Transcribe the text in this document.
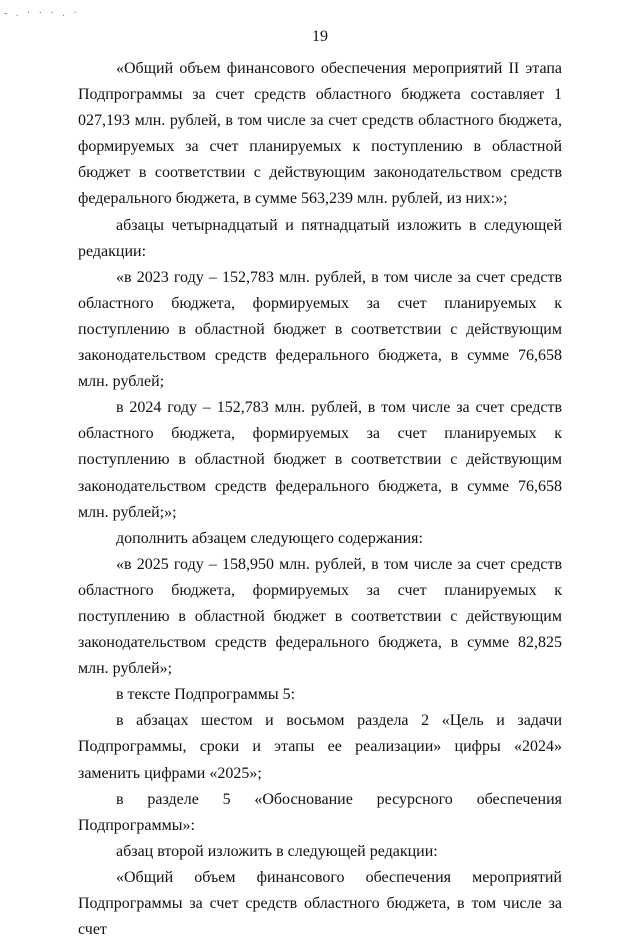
‑ . · · · . ·
19

«Общий объем финансового обеспечения мероприятий II этапа Подпрограммы за счет средств областного бюджета составляет 1 027,193 млн. рублей, в том числе за счет средств областного бюджета, формируемых за счет планируемых к поступлению в областной бюджет в соответствии с действующим законодательством средств федерального бюджета, в сумме 563,239 млн. рублей, из них:»;

абзацы четырнадцатый и пятнадцатый изложить в следующей редакции:

«в 2023 году – 152,783 млн. рублей, в том числе за счет средств областного бюджета, формируемых за счет планируемых к поступлению в областной бюджет в соответствии с действующим законодательством средств федерального бюджета, в сумме 76,658 млн. рублей;

в 2024 году – 152,783 млн. рублей, в том числе за счет средств областного бюджета, формируемых за счет планируемых к поступлению в областной бюджет в соответствии с действующим законодательством средств федерального бюджета, в сумме 76,658 млн. рублей;»;

дополнить абзацем следующего содержания:

«в 2025 году – 158,950 млн. рублей, в том числе за счет средств областного бюджета, формируемых за счет планируемых к поступлению в областной бюджет в соответствии с действующим законодательством средств федерального бюджета, в сумме 82,825 млн. рублей»;

в тексте Подпрограммы 5:

в абзацах шестом и восьмом раздела 2 «Цель и задачи Подпрограммы, сроки и этапы ее реализации» цифры «2024» заменить цифрами «2025»;

в разделе 5 «Обоснование ресурсного обеспечения Подпрограммы»:

абзац второй изложить в следующей редакции:

«Общий объем финансового обеспечения мероприятий Подпрограммы за счет средств областного бюджета, в том числе за счет
